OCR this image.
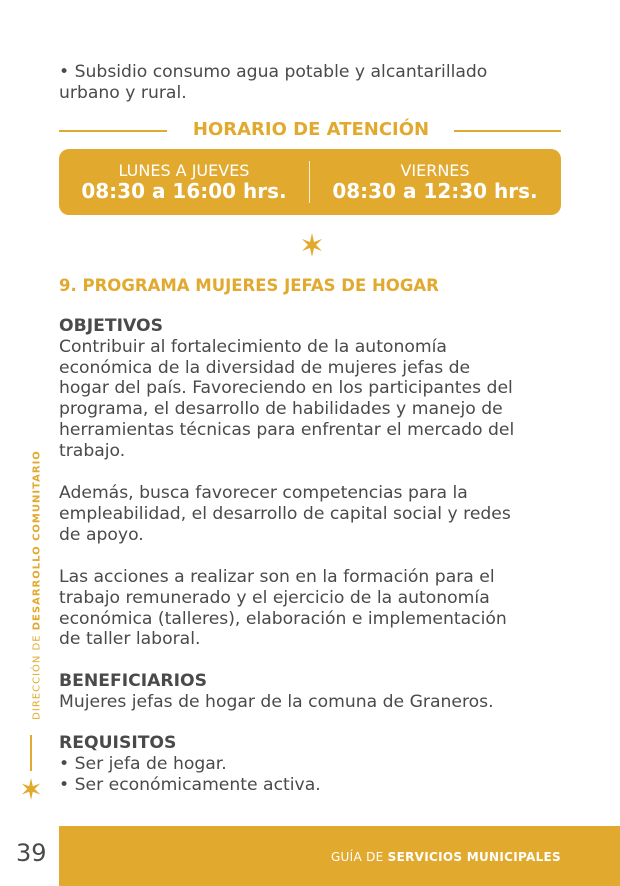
• Subsidio consumo agua potable y alcantarillado
urbano y rural.
HORARIO DE ATENCIÓN
LUNES A JUEVES
08:30 a 16:00 hrs.
VIERNES
08:30 a 12:30 hrs.
9. PROGRAMA MUJERES JEFAS DE HOGAR
OBJETIVOS
Contribuir al fortalecimiento de la autonomía
económica de la diversidad de mujeres jefas de
hogar del país. Favoreciendo en los participantes del
programa, el desarrollo de habilidades y manejo de
herramientas técnicas para enfrentar el mercado del
trabajo.
Además, busca favorecer competencias para la
empleabilidad, el desarrollo de capital social y redes
de apoyo.
Las acciones a realizar son en la formación para el
trabajo remunerado y el ejercicio de la autonomía
económica (talleres), elaboración e implementación
de taller laboral.
BENEFICIARIOS
Mujeres jefas de hogar de la comuna de Graneros.
REQUISITOS
• Ser jefa de hogar.
• Ser económicamente activa.
DIRECCIÓN DE DESARROLLO COMUNITARIO
39	GUÍA DE SERVICIOS MUNICIPALES
